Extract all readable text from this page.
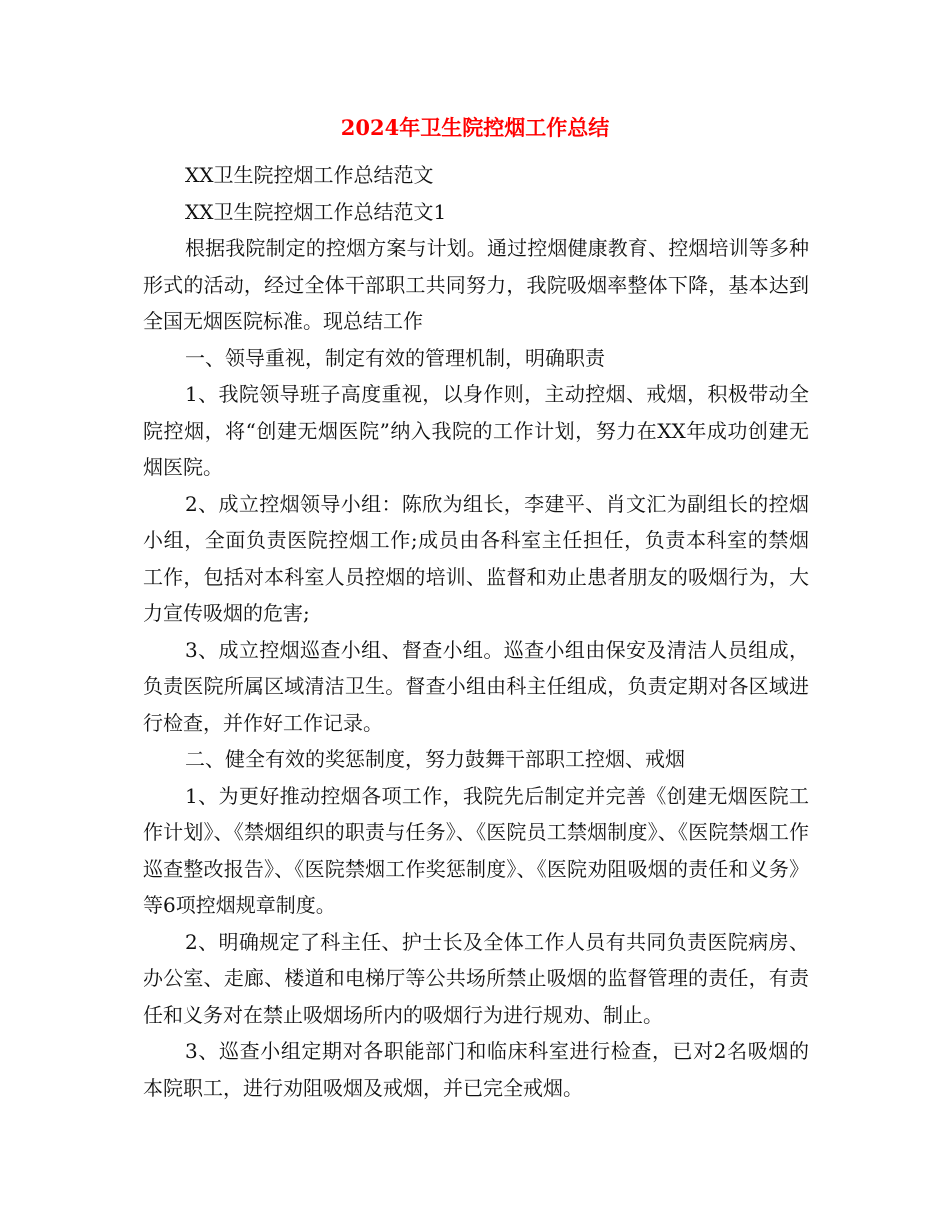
2024年卫生院控烟工作总结

XX卫生院控烟工作总结范文

XX卫生院控烟工作总结范文1

根据我院制定的控烟方案与计划。通过控烟健康教育、控烟培训等多种形式的活动，经过全体干部职工共同努力，我院吸烟率整体下降，基本达到全国无烟医院标准。现总结工作

一、领导重视，制定有效的管理机制，明确职责

1、我院领导班子高度重视，以身作则，主动控烟、戒烟，积极带动全院控烟，将“创建无烟医院”纳入我院的工作计划，努力在XX年成功创建无烟医院。

2、成立控烟领导小组：陈欣为组长，李建平、肖文汇为副组长的控烟小组，全面负责医院控烟工作;成员由各科室主任担任，负责本科室的禁烟工作，包括对本科室人员控烟的培训、监督和劝止患者朋友的吸烟行为，大力宣传吸烟的危害;

3、成立控烟巡查小组、督查小组。巡查小组由保安及清洁人员组成，负责医院所属区域清洁卫生。督查小组由科主任组成，负责定期对各区域进行检查，并作好工作记录。

二、健全有效的奖惩制度，努力鼓舞干部职工控烟、戒烟

1、为更好推动控烟各项工作，我院先后制定并完善《创建无烟医院工作计划》、《禁烟组织的职责与任务》、《医院员工禁烟制度》、《医院禁烟工作巡查整改报告》、《医院禁烟工作奖惩制度》、《医院劝阻吸烟的责任和义务》等6项控烟规章制度。

2、明确规定了科主任、护士长及全体工作人员有共同负责医院病房、办公室、走廊、楼道和电梯厅等公共场所禁止吸烟的监督管理的责任，有责任和义务对在禁止吸烟场所内的吸烟行为进行规劝、制止。

3、巡查小组定期对各职能部门和临床科室进行检查，已对2名吸烟的本院职工，进行劝阻吸烟及戒烟，并已完全戒烟。
